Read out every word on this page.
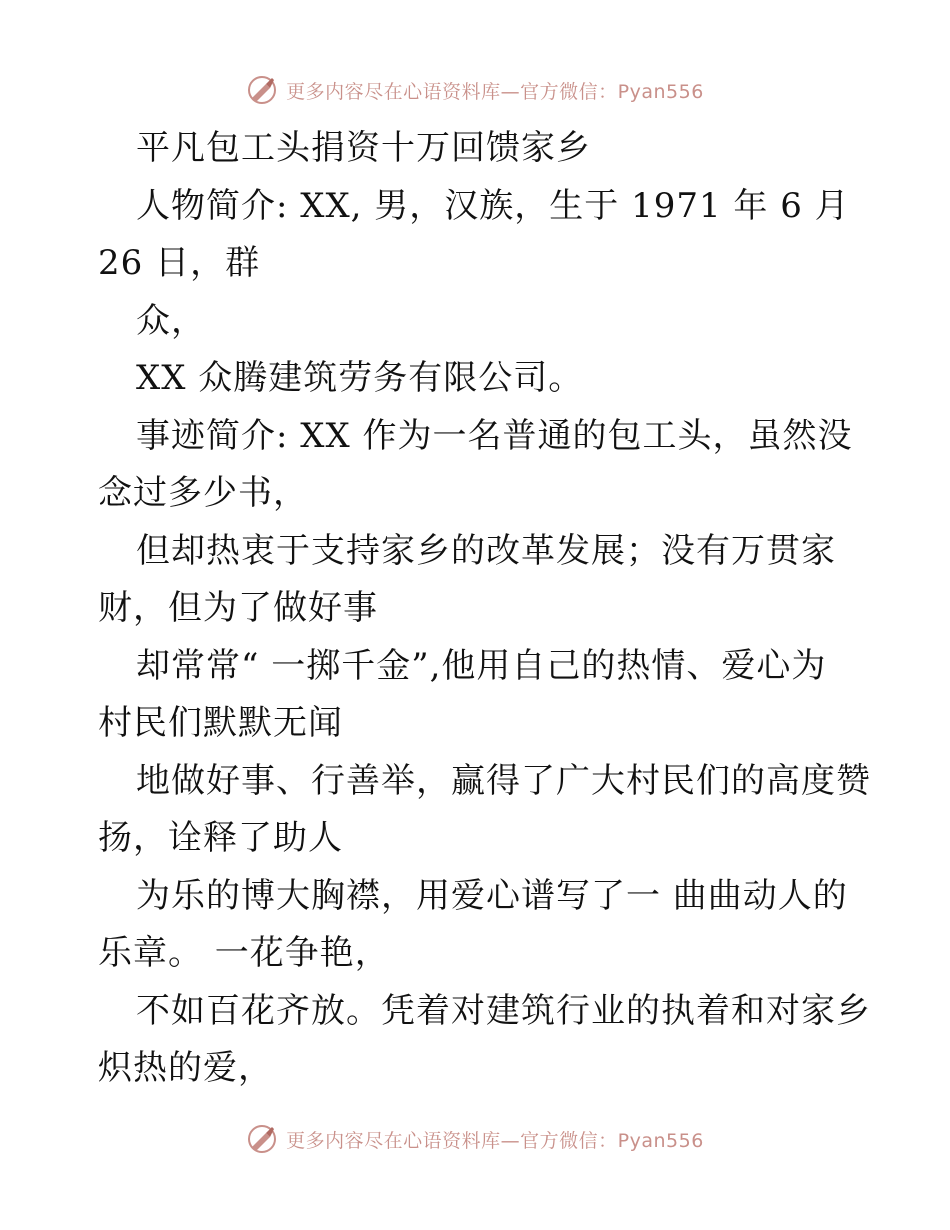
更多内容尽在心语资料库—官方微信：Pyan556
平凡包工头捐资十万回馈家乡
人物简介: XX, 男，汉族，生于 1971 年 6 月
26 日，群
众，
XX 众腾建筑劳务有限公司。
事迹简介: XX 作为一名普通的包工头，虽然没
念过多少书，
但却热衷于支持家乡的改革发展；没有万贯家
财，但为了做好事
却常常“ 一掷千金”,他用自己的热情、爱心为
村民们默默无闻
地做好事、行善举，赢得了广大村民们的高度赞
扬，诠释了助人
为乐的博大胸襟，用爱心谱写了一 曲曲动人的
乐章。 一花争艳，
不如百花齐放。凭着对建筑行业的执着和对家乡
炽热的爱，
更多内容尽在心语资料库—官方微信：Pyan556
